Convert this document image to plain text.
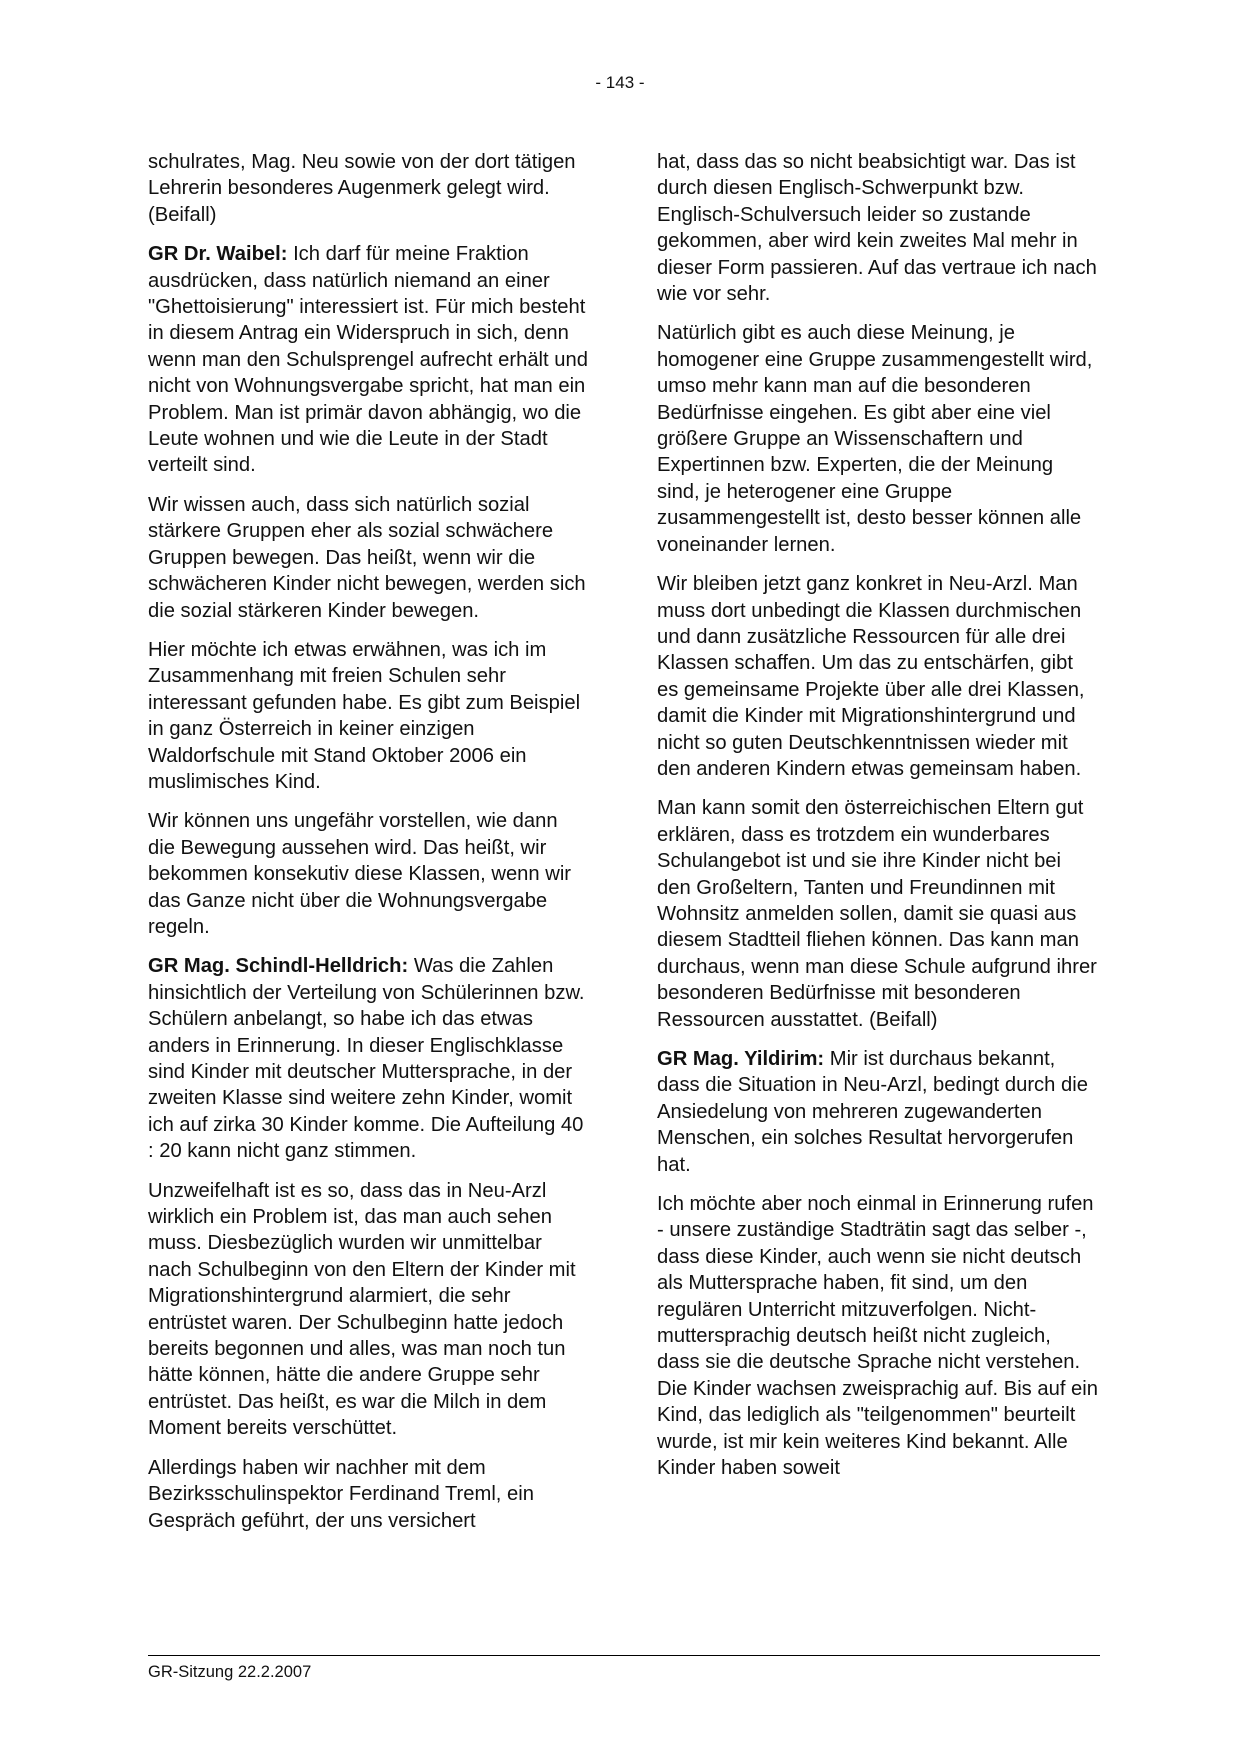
- 143 -

schulrates, Mag. Neu sowie von der dort tätigen Lehrerin besonderes Augenmerk gelegt wird. (Beifall)

GR Dr. Waibel: Ich darf für meine Fraktion ausdrücken, dass natürlich niemand an einer "Ghettoisierung" interessiert ist. Für mich besteht in diesem Antrag ein Widerspruch in sich, denn wenn man den Schulsprengel aufrecht erhält und nicht von Wohnungsvergabe spricht, hat man ein Problem. Man ist primär davon abhängig, wo die Leute wohnen und wie die Leute in der Stadt verteilt sind.

Wir wissen auch, dass sich natürlich sozial stärkere Gruppen eher als sozial schwächere Gruppen bewegen. Das heißt, wenn wir die schwächeren Kinder nicht bewegen, werden sich die sozial stärkeren Kinder bewegen.

Hier möchte ich etwas erwähnen, was ich im Zusammenhang mit freien Schulen sehr interessant gefunden habe. Es gibt zum Beispiel in ganz Österreich in keiner einzigen Waldorfschule mit Stand Oktober 2006 ein muslimisches Kind.

Wir können uns ungefähr vorstellen, wie dann die Bewegung aussehen wird. Das heißt, wir bekommen konsekutiv diese Klassen, wenn wir das Ganze nicht über die Wohnungsvergabe regeln.

GR Mag. Schindl-Helldrich: Was die Zahlen hinsichtlich der Verteilung von Schülerinnen bzw. Schülern anbelangt, so habe ich das etwas anders in Erinnerung. In dieser Englischklasse sind Kinder mit deutscher Muttersprache, in der zweiten Klasse sind weitere zehn Kinder, womit ich auf zirka 30 Kinder komme. Die Aufteilung 40 : 20 kann nicht ganz stimmen.

Unzweifelhaft ist es so, dass das in Neu-Arzl wirklich ein Problem ist, das man auch sehen muss. Diesbezüglich wurden wir unmittelbar nach Schulbeginn von den Eltern der Kinder mit Migrationshintergrund alarmiert, die sehr entrüstet waren. Der Schulbeginn hatte jedoch bereits begonnen und alles, was man noch tun hätte können, hätte die andere Gruppe sehr entrüstet. Das heißt, es war die Milch in dem Moment bereits verschüttet.

Allerdings haben wir nachher mit dem Bezirksschulinspektor Ferdinand Treml, ein Gespräch geführt, der uns versichert

hat, dass das so nicht beabsichtigt war. Das ist durch diesen Englisch-Schwerpunkt bzw. Englisch-Schulversuch leider so zustande gekommen, aber wird kein zweites Mal mehr in dieser Form passieren. Auf das vertraue ich nach wie vor sehr.

Natürlich gibt es auch diese Meinung, je homogener eine Gruppe zusammengestellt wird, umso mehr kann man auf die besonderen Bedürfnisse eingehen. Es gibt aber eine viel größere Gruppe an Wissenschaftern und Expertinnen bzw. Experten, die der Meinung sind, je heterogener eine Gruppe zusammengestellt ist, desto besser können alle voneinander lernen.

Wir bleiben jetzt ganz konkret in Neu-Arzl. Man muss dort unbedingt die Klassen durchmischen und dann zusätzliche Ressourcen für alle drei Klassen schaffen. Um das zu entschärfen, gibt es gemeinsame Projekte über alle drei Klassen, damit die Kinder mit Migrationshintergrund und nicht so guten Deutschkenntnissen wieder mit den anderen Kindern etwas gemeinsam haben.

Man kann somit den österreichischen Eltern gut erklären, dass es trotzdem ein wunderbares Schulangebot ist und sie ihre Kinder nicht bei den Großeltern, Tanten und Freundinnen mit Wohnsitz anmelden sollen, damit sie quasi aus diesem Stadtteil fliehen können. Das kann man durchaus, wenn man diese Schule aufgrund ihrer besonderen Bedürfnisse mit besonderen Ressourcen ausstattet. (Beifall)

GR Mag. Yildirim: Mir ist durchaus bekannt, dass die Situation in Neu-Arzl, bedingt durch die Ansiedelung von mehreren zugewanderten Menschen, ein solches Resultat hervorgerufen hat.

Ich möchte aber noch einmal in Erinnerung rufen - unsere zuständige Stadträtin sagt das selber -, dass diese Kinder, auch wenn sie nicht deutsch als Muttersprache haben, fit sind, um den regulären Unterricht mitzuverfolgen. Nicht-muttersprachig deutsch heißt nicht zugleich, dass sie die deutsche Sprache nicht verstehen. Die Kinder wachsen zweisprachig auf. Bis auf ein Kind, das lediglich als "teilgenommen" beurteilt wurde, ist mir kein weiteres Kind bekannt. Alle Kinder haben soweit

GR-Sitzung 22.2.2007
